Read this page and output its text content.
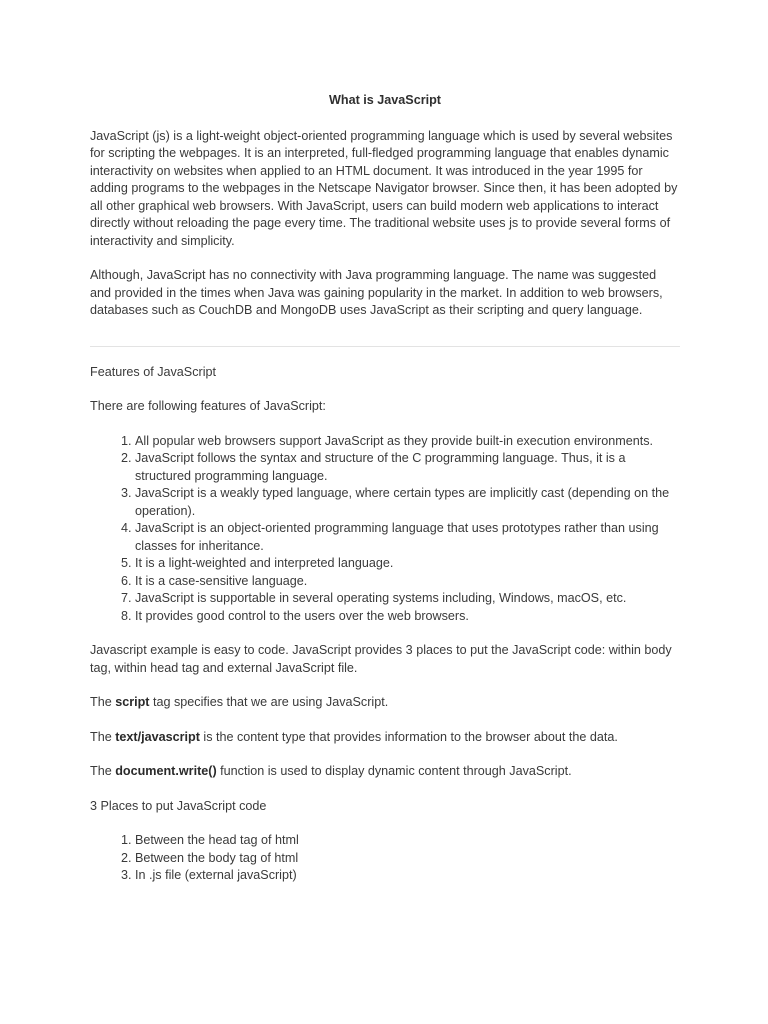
What is JavaScript

JavaScript (js) is a light-weight object-oriented programming language which is used by several websites for scripting the webpages. It is an interpreted, full-fledged programming language that enables dynamic interactivity on websites when applied to an HTML document. It was introduced in the year 1995 for adding programs to the webpages in the Netscape Navigator browser. Since then, it has been adopted by all other graphical web browsers. With JavaScript, users can build modern web applications to interact directly without reloading the page every time. The traditional website uses js to provide several forms of interactivity and simplicity.

Although, JavaScript has no connectivity with Java programming language. The name was suggested and provided in the times when Java was gaining popularity in the market. In addition to web browsers, databases such as CouchDB and MongoDB uses JavaScript as their scripting and query language.

Features of JavaScript

There are following features of JavaScript:

1. All popular web browsers support JavaScript as they provide built-in execution environments.
2. JavaScript follows the syntax and structure of the C programming language. Thus, it is a structured programming language.
3. JavaScript is a weakly typed language, where certain types are implicitly cast (depending on the operation).
4. JavaScript is an object-oriented programming language that uses prototypes rather than using classes for inheritance.
5. It is a light-weighted and interpreted language.
6. It is a case-sensitive language.
7. JavaScript is supportable in several operating systems including, Windows, macOS, etc.
8. It provides good control to the users over the web browsers.

Javascript example is easy to code. JavaScript provides 3 places to put the JavaScript code: within body tag, within head tag and external JavaScript file.

The script tag specifies that we are using JavaScript.

The text/javascript is the content type that provides information to the browser about the data.

The document.write() function is used to display dynamic content through JavaScript.

3 Places to put JavaScript code

1. Between the head tag of html
2. Between the body tag of html
3. In .js file (external javaScript)
